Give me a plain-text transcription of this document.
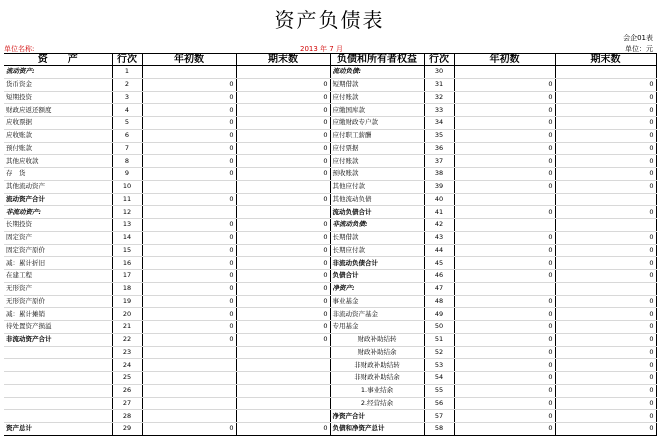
资产负债表
会企01表
单位名称:	2013 年 7 月	单位：元
资　　产	行次	年初数	期末数	负债和所有者权益	行次	年初数	期末数
流动资产:	1			流动负债:	30		
货币资金	2	0	0	短期借款	31	0	0
短期投资	3	0	0	应付账款	32	0	0
财政应返还额度	4	0	0	应缴国库款	33	0	0
应收票据	5	0	0	应缴财政专户款	34	0	0
应收账款	6	0	0	应付职工薪酬	35	0	0
预付账款	7	0	0	应付票据	36	0	0
其他应收款	8	0	0	应付账款	37	0	0
存　货	9	0	0	预收账款	38	0	0
其他流动资产	10			其他应付款	39	0	0
流动资产合计	11	0	0	其他流动负债	40		
非流动资产:	12			流动负债合计	41	0	0
长期投资	13	0	0	非流动负债:	42		
固定资产	14	0	0	长期借款	43	0	0
固定资产原价	15	0	0	长期应付款	44	0	0
减：累计折旧	16	0	0	非流动负债合计	45	0	0
在建工程	17	0	0	负债合计	46	0	0
无形资产	18	0	0	净资产:	47		
无形资产原价	19	0	0	事业基金	48	0	0
减：累计摊销	20	0	0	非流动资产基金	49	0	0
待处置资产损溢	21	0	0	专用基金	50	0	0
非流动资产合计	22	0	0	财政补助结转	51	0	0
	23			财政补助结余	52	0	0
	24			非财政补助结转	53	0	0
	25			非财政补助结余	54	0	0
	26			1.事业结余	55	0	0
	27			2.经营结余	56	0	0
	28			净资产合计	57	0	0
资产总计	29	0	0	负债和净资产总计	58	0	0
